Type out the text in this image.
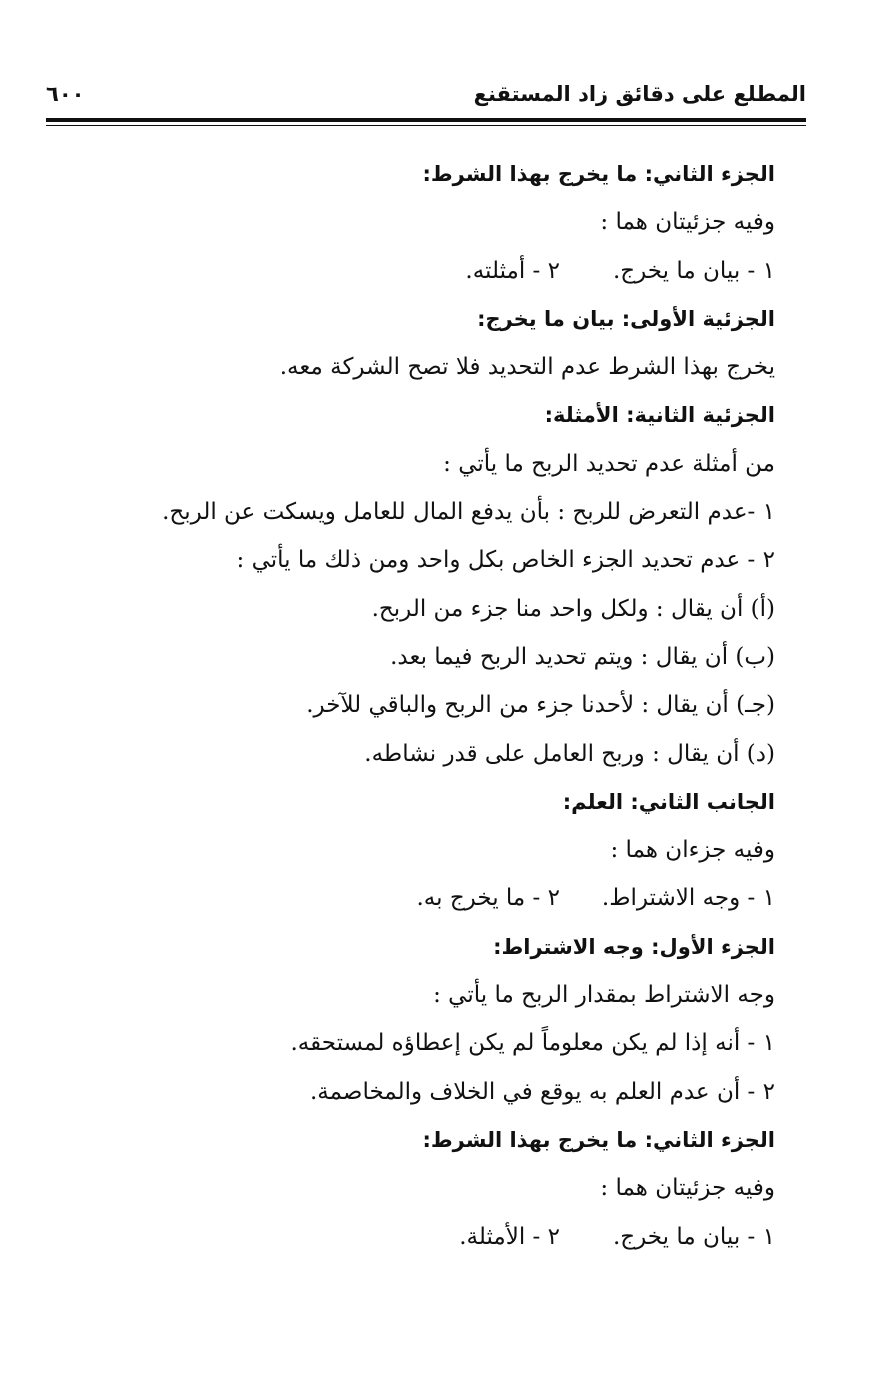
المطلع على دقائق زاد المستقنع
٦٠٠
الجزء الثاني: ما يخرج بهذا الشرط:
وفيه جزئيتان هما :
١ - بيان ما يخرج.
٢ - أمثلته.
الجزئية الأولى: بيان ما يخرج:
يخرج بهذا الشرط عدم التحديد فلا تصح الشركة معه.
الجزئية الثانية: الأمثلة:
من أمثلة عدم تحديد الربح ما يأتي :
١ -عدم التعرض للربح : بأن يدفع المال للعامل ويسكت عن الربح.
٢ - عدم تحديد الجزء الخاص بكل واحد ومن ذلك ما يأتي :
(أ) أن يقال : ولكل واحد منا جزء من الربح.
(ب) أن يقال : ويتم تحديد الربح فيما بعد.
(جـ) أن يقال : لأحدنا جزء من الربح والباقي للآخر.
(د) أن يقال : وربح العامل على قدر نشاطه.
الجانب الثاني: العلم:
وفيه جزءان هما :
١ - وجه الاشتراط.
٢ - ما يخرج به.
الجزء الأول: وجه الاشتراط:
وجه الاشتراط بمقدار الربح ما يأتي :
١ - أنه إذا لم يكن معلوماً لم يكن إعطاؤه لمستحقه.
٢ - أن عدم العلم به يوقع في الخلاف والمخاصمة.
الجزء الثاني: ما يخرج بهذا الشرط:
وفيه جزئيتان هما :
١ - بيان ما يخرج.
٢ - الأمثلة.
